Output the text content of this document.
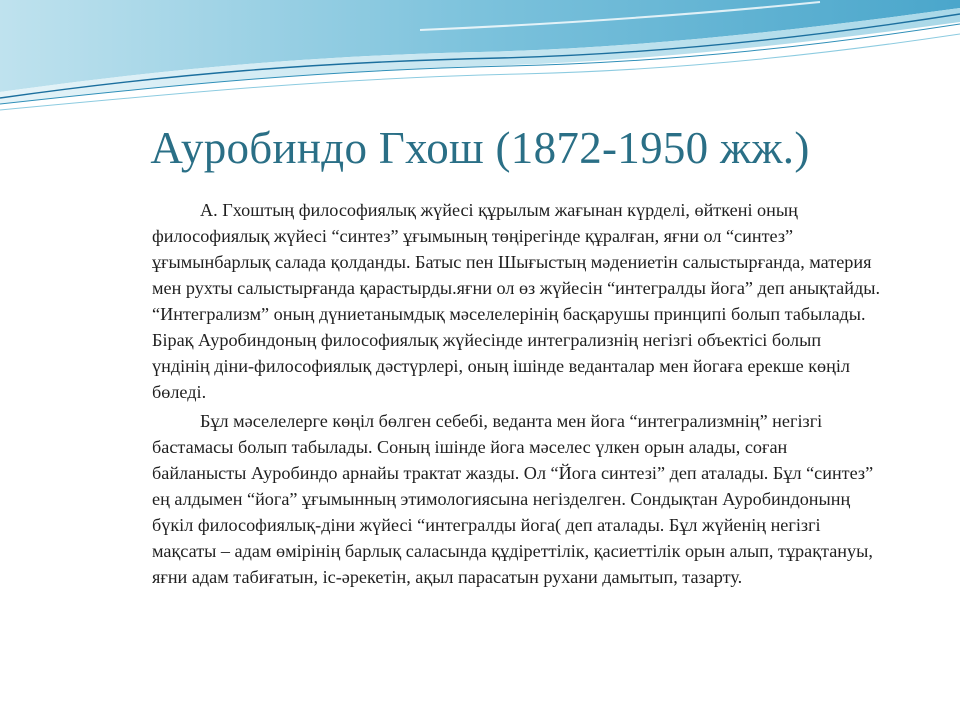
Ауробиндо Гхош (1872-1950 жж.)

А. Гхоштың философиялық жүйесі құрылым жағынан күрделі, өйткені оның философиялық жүйесі “синтез” ұғымының төңірегінде құралған, яғни ол “синтез” ұғымынбарлық салада қолданды. Батыс пен Шығыстың мәдениетін салыстырғанда, материя мен рухты салыстырғанда қарастырды.яғни ол өз жүйесін “интегралды йога” деп анықтайды. “Интегрализм” оның дүниетанымдық мәселелерінің басқарушы принципі болып табылады. Бірақ Ауробиндоның философиялық жүйесінде интегрализнің негізгі объектісі болып үндінің діни-философиялық дәстүрлері, оның ішінде веданталар мен йогаға ерекше көңіл бөледі.

Бұл мәселелерге көңіл бөлген себебі, веданта мен йога “интегрализмнің” негізгі бастамасы болып табылады. Соның ішінде йога мәселес үлкен орын алады, соған байланысты Ауробиндо арнайы трактат жазды. Ол “Йога синтезі” деп аталады. Бұл “синтез” ең алдымен “йога” ұғымынның этимологиясына негізделген. Сондықтан Ауробиндонынң бүкіл философиялық-діни жүйесі “интегралды йога( деп аталады. Бұл жүйенің негізгі мақсаты – адам өмірінің барлық саласында құдіреттілік, қасиеттілік орын алып, тұрақтануы, яғни адам табиғатын, іс-әрекетін, ақыл парасатын рухани дамытып, тазарту.
